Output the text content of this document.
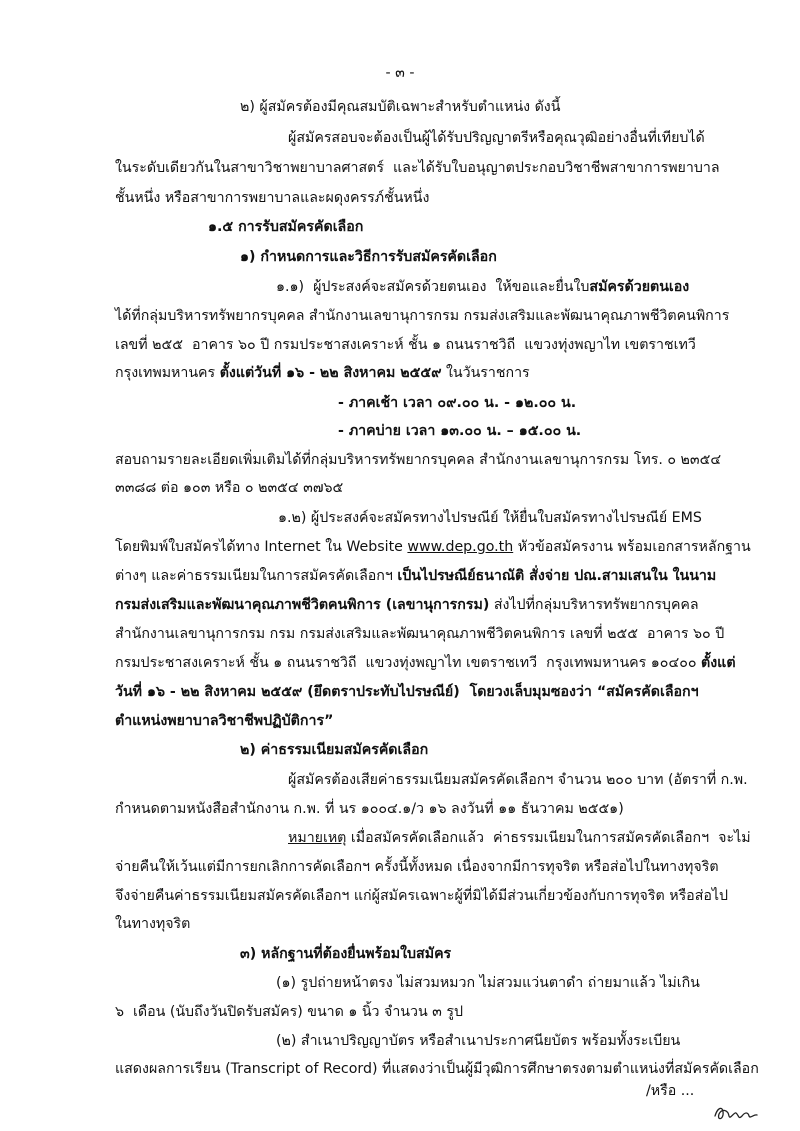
- ๓ -
๒) ผู้สมัครต้องมีคุณสมบัติเฉพาะสำหรับตำแหน่ง ดังนี้
ผู้สมัครสอบจะต้องเป็นผู้ได้รับปริญญาตรีหรือคุณวุฒิอย่างอื่นที่เทียบได้
ในระดับเดียวกันในสาขาวิชาพยาบาลศาสตร์  และได้รับใบอนุญาตประกอบวิชาชีพสาขาการพยาบาล
ชั้นหนึ่ง หรือสาขาการพยาบาลและผดุงครรภ์ชั้นหนึ่ง
๑.๕ การรับสมัครคัดเลือก
๑) กำหนดการและวิธีการรับสมัครคัดเลือก
๑.๑)  ผู้ประสงค์จะสมัครด้วยตนเอง  ให้ขอและยื่นใบสมัครด้วยตนเอง
ได้ที่กลุ่มบริหารทรัพยากรบุคคล สำนักงานเลขานุการกรม กรมส่งเสริมและพัฒนาคุณภาพชีวิตคนพิการ
เลขที่ ๒๕๕  อาคาร ๖๐ ปี กรมประชาสงเคราะห์ ชั้น ๑ ถนนราชวิถี  แขวงทุ่งพญาไท เขตราชเทวี
กรุงเทพมหานคร ตั้งแต่วันที่ ๑๖ - ๒๒ สิงหาคม ๒๕๕๙ ในวันราชการ
- ภาคเช้า เวลา ๐๙.๐๐ น. - ๑๒.๐๐ น.
- ภาคบ่าย เวลา ๑๓.๐๐ น. – ๑๕.๐๐ น.
สอบถามรายละเอียดเพิ่มเติมได้ที่กลุ่มบริหารทรัพยากรบุคคล สำนักงานเลขานุการกรม โทร. ๐ ๒๓๕๔
๓๓๘๘ ต่อ ๑๐๓ หรือ ๐ ๒๓๕๔ ๓๗๖๕
๑.๒) ผู้ประสงค์จะสมัครทางไปรษณีย์ ให้ยื่นใบสมัครทางไปรษณีย์ EMS
โดยพิมพ์ใบสมัครได้ทาง Internet ใน Website www.dep.go.th หัวข้อสมัครงาน พร้อมเอกสารหลักฐาน
ต่างๆ และค่าธรรมเนียมในการสมัครคัดเลือกฯ เป็นไปรษณีย์ธนาณัติ สั่งจ่าย ปณ.สามเสนใน ในนาม
กรมส่งเสริมและพัฒนาคุณภาพชีวิตคนพิการ (เลขานุการกรม) ส่งไปที่กลุ่มบริหารทรัพยากรบุคคล
สำนักงานเลขานุการกรม กรม กรมส่งเสริมและพัฒนาคุณภาพชีวิตคนพิการ เลขที่ ๒๕๕  อาคาร ๖๐ ปี
กรมประชาสงเคราะห์ ชั้น ๑ ถนนราชวิถี  แขวงทุ่งพญาไท เขตราชเทวี  กรุงเทพมหานคร ๑๐๔๐๐ ตั้งแต่
วันที่ ๑๖ - ๒๒ สิงหาคม ๒๕๕๙ (ยึดตราประทับไปรษณีย์)  โดยวงเล็บมุมซองว่า “สมัครคัดเลือกฯ
ตำแหน่งพยาบาลวิชาชีพปฏิบัติการ”
๒) ค่าธรรมเนียมสมัครคัดเลือก
ผู้สมัครต้องเสียค่าธรรมเนียมสมัครคัดเลือกฯ จำนวน ๒๐๐ บาท (อัตราที่ ก.พ.
กำหนดตามหนังสือสำนักงาน ก.พ. ที่ นร ๑๐๐๔.๑/ว ๑๖ ลงวันที่ ๑๑ ธันวาคม ๒๕๕๑)
หมายเหตุ เมื่อสมัครคัดเลือกแล้ว  ค่าธรรมเนียมในการสมัครคัดเลือกฯ  จะไม่
จ่ายคืนให้เว้นแต่มีการยกเลิกการคัดเลือกฯ ครั้งนี้ทั้งหมด เนื่องจากมีการทุจริต หรือส่อไปในทางทุจริต
จึงจ่ายคืนค่าธรรมเนียมสมัครคัดเลือกฯ แก่ผู้สมัครเฉพาะผู้ที่มิได้มีส่วนเกี่ยวข้องกับการทุจริต หรือส่อไป
ในทางทุจริต
๓) หลักฐานที่ต้องยื่นพร้อมใบสมัคร
(๑) รูปถ่ายหน้าตรง ไม่สวมหมวก ไม่สวมแว่นตาดำ ถ่ายมาแล้ว ไม่เกิน
๖  เดือน (นับถึงวันปิดรับสมัคร) ขนาด ๑ นิ้ว จำนวน ๓ รูป
(๒) สำเนาปริญญาบัตร หรือสำเนาประกาศนียบัตร พร้อมทั้งระเบียน
แสดงผลการเรียน (Transcript of Record) ที่แสดงว่าเป็นผู้มีวุฒิการศึกษาตรงตามตำแหน่งที่สมัครคัดเลือก
/หรือ ...
